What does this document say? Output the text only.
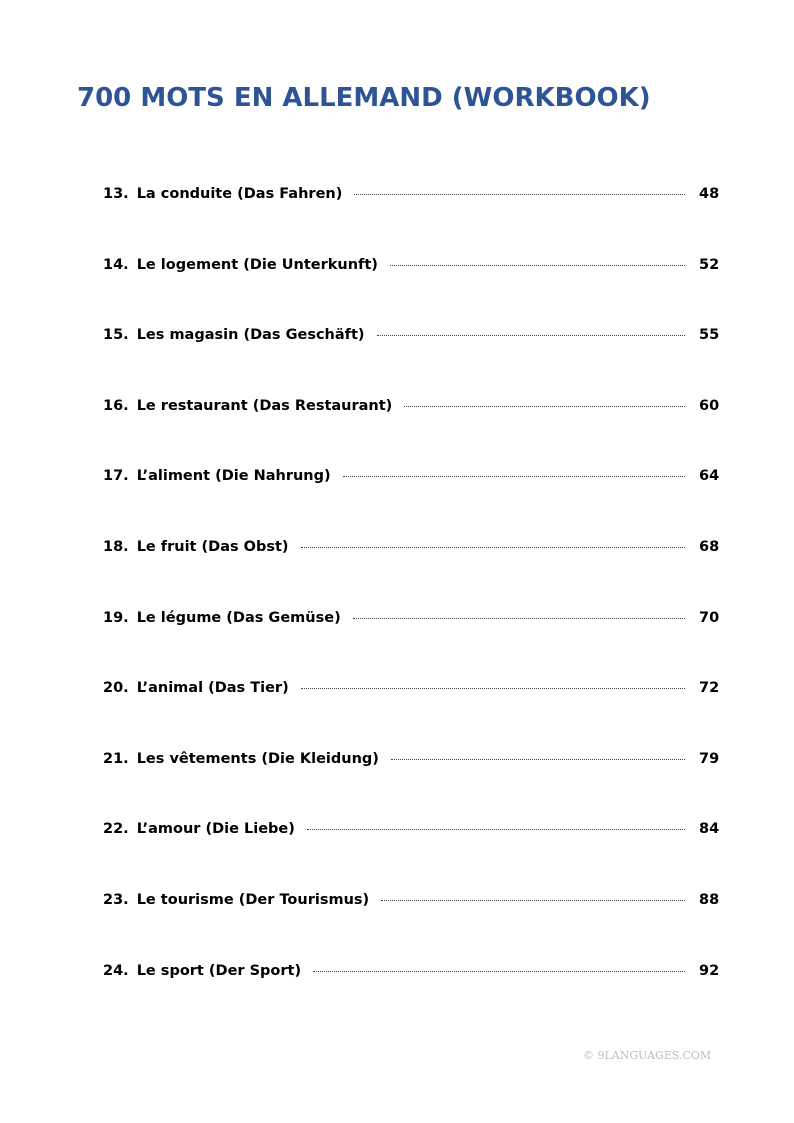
700 MOTS EN ALLEMAND (WORKBOOK)
13. La conduite (Das Fahren)	48
14. Le logement (Die Unterkunft)	52
15. Les magasin (Das Geschäft)	55
16. Le restaurant (Das Restaurant)	60
17. L’aliment (Die Nahrung)	64
18. Le fruit (Das Obst)	68
19. Le légume (Das Gemüse)	70
20. L’animal (Das Tier)	72
21. Les vêtements (Die Kleidung)	79
22. L’amour (Die Liebe)	84
23. Le tourisme (Der Tourismus)	88
24. Le sport (Der Sport)	92
© 9LANGUAGES.COM
